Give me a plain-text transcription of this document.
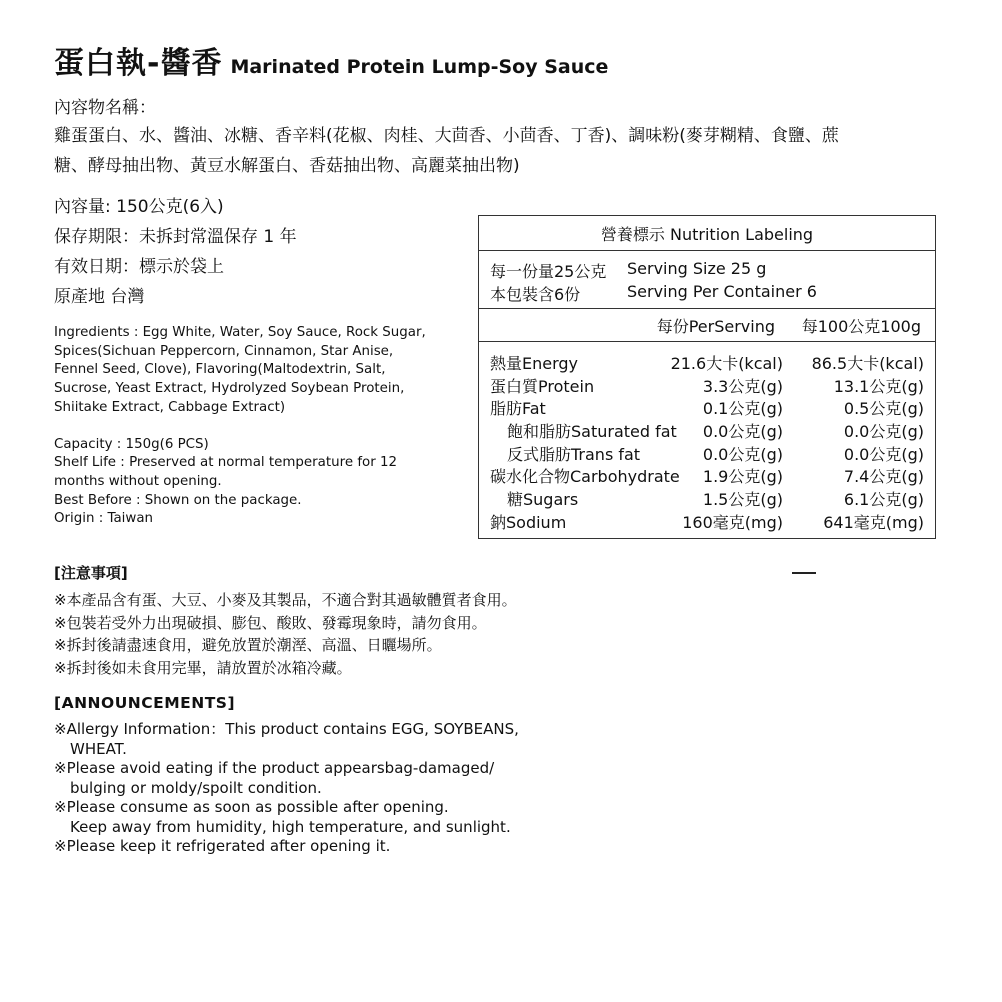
蛋白執-醬香 Marinated Protein Lump-Soy Sauce
內容物名稱：
雞蛋蛋白、水、醬油、冰糖、香辛料(花椒、肉桂、大茴香、小茴香、丁香)、調味粉(麥芽糊精、食鹽、蔗
糖、酵母抽出物、黃豆水解蛋白、香菇抽出物、高麗菜抽出物)
內容量: 150公克(6入)
保存期限：未拆封常溫保存 1 年
有效日期：標示於袋上
原產地 台灣

Ingredients : Egg White, Water, Soy Sauce, Rock Sugar,

Spices(Sichuan Peppercorn, Cinnamon, Star Anise,

Fennel Seed, Clove), Flavoring(Maltodextrin, Salt,

Sucrose, Yeast Extract, Hydrolyzed Soybean Protein,

Shiitake Extract, Cabbage Extract)

Capacity : 150g(6 PCS)

Shelf Life : Preserved at normal temperature for 12

months without opening.

Best Before : Shown on the package.

Origin : Taiwan

營養標示 Nutrition Labeling
每一份量25公克 Serving Size 25 g
本包裝含6份	Serving Per Container 6
每份PerServing 每100公克100g
熱量Energy	21.6大卡(kcal) 86.5大卡(kcal)
蛋白質Protein	3.3公克(g)	13.1公克(g)
脂肪Fat	0.1公克(g)	0.5公克(g)
飽和脂肪Saturated fat 0.0公克(g)	0.0公克(g)
反式脂肪Trans fat	0.0公克(g)	0.0公克(g)
碳水化合物Carbohydrate 1.9公克(g)	7.4公克(g)
糖Sugars	1.5公克(g)	6.1公克(g)
鈉Sodium	160毫克(mg)	641毫克(mg)
[注意事項]
※本產品含有蛋、大豆、小麥及其製品，不適合對其過敏體質者食用。
※包裝若受外力出現破損、膨包、酸敗、發霉現象時，請勿食用。
※拆封後請盡速食用，避免放置於潮溼、高溫、日曬場所。
※拆封後如未食用完畢，請放置於冰箱冷藏。
[ANNOUNCEMENTS]
※Allergy Information：This product contains EGG, SOYBEANS,
WHEAT.
※Please avoid eating if the product appearsbag-damaged/
bulging or moldy/spoilt condition.
※Please consume as soon as possible after opening.
Keep away from humidity, high temperature, and sunlight.
※Please keep it refrigerated after opening it.
